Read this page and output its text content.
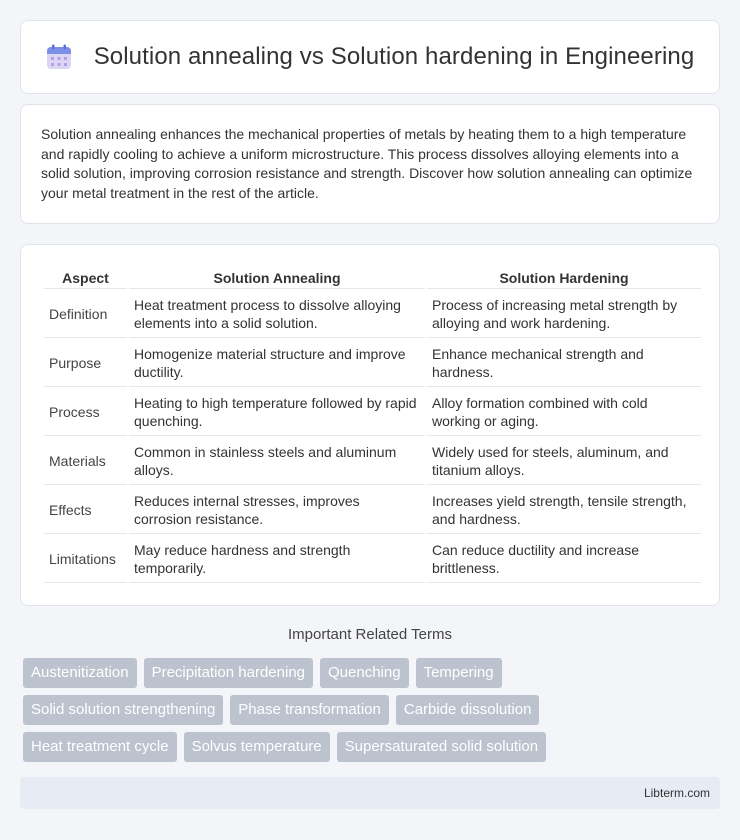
Solution annealing vs Solution hardening in Engineering

Solution annealing enhances the mechanical properties of metals by heating them to a high temperature and rapidly cooling to achieve a uniform microstructure. This process dissolves alloying elements into a solid solution, improving corrosion resistance and strength. Discover how solution annealing can optimize your metal treatment in the rest of the article.

Aspect	Solution Annealing	Solution Hardening
Definition	Heat treatment process to dissolve alloying elements into a solid solution.	Process of increasing metal strength by alloying and work hardening.
Purpose	Homogenize material structure and improve ductility.	Enhance mechanical strength and hardness.
Process	Heating to high temperature followed by rapid quenching.	Alloy formation combined with cold working or aging.
Materials	Common in stainless steels and aluminum alloys.	Widely used for steels, aluminum, and titanium alloys.
Effects	Reduces internal stresses, improves corrosion resistance.	Increases yield strength, tensile strength, and hardness.
Limitations	May reduce hardness and strength temporarily.	Can reduce ductility and increase brittleness.
Important Related Terms
Austenitization	Precipitation hardening	Quenching	Tempering
Solid solution strengthening	Phase transformation	Carbide dissolution
Heat treatment cycle	Solvus temperature	Supersaturated solid solution
Libterm.com
